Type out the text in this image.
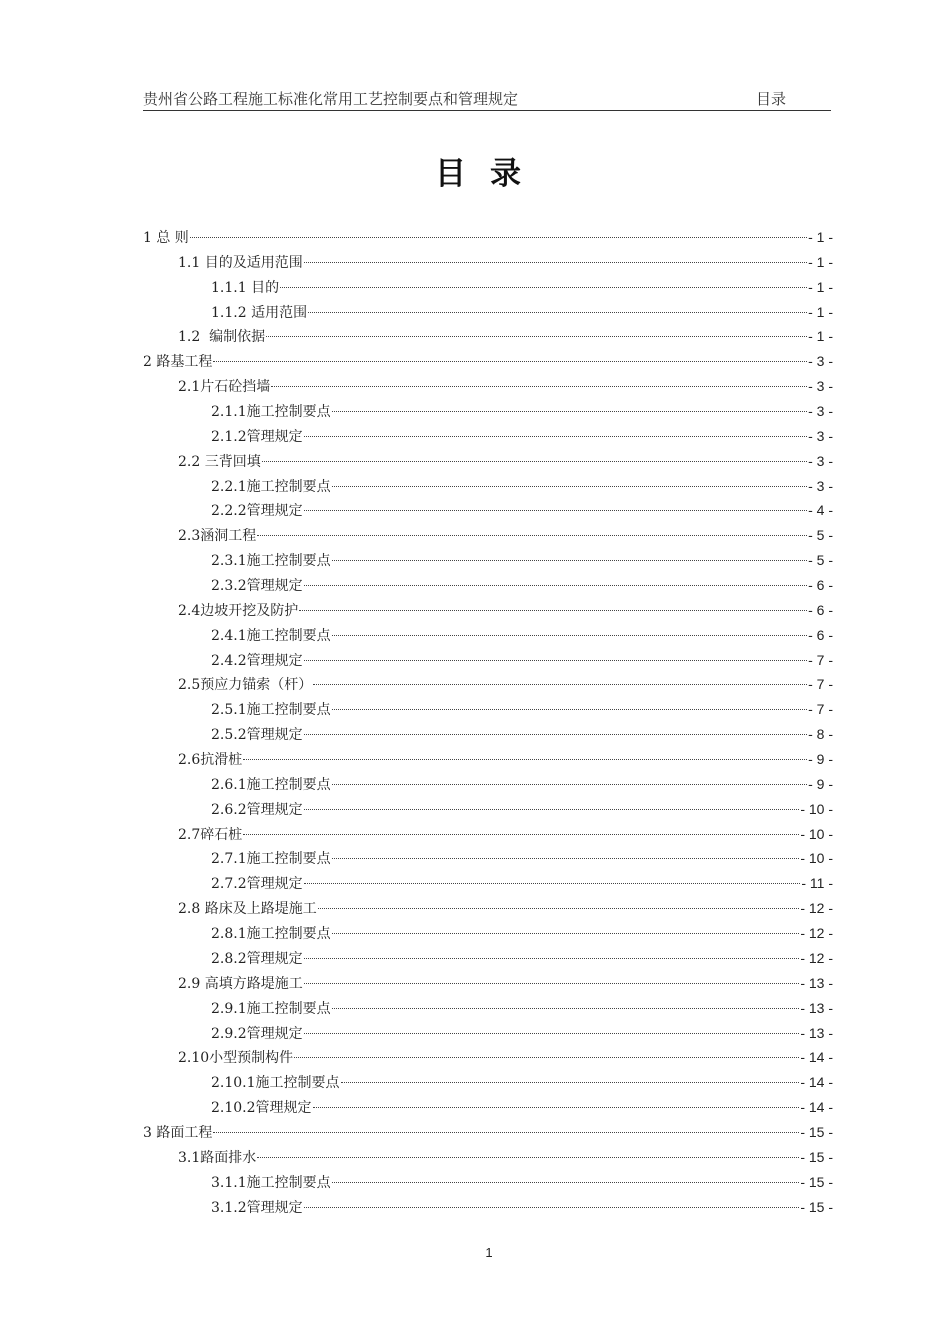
贵州省公路工程施工标准化常用工艺控制要点和管理规定	目录
目录
1 总 则	- 1 -
1.1 目的及适用范围	- 1 -
1.1.1 目的	- 1 -
1.1.2 适用范围	- 1 -
1.2  编制依据	- 1 -
2 路基工程	- 3 -
2.1片石砼挡墙	- 3 -
2.1.1施工控制要点	- 3 -
2.1.2管理规定	- 3 -
2.2 三背回填	- 3 -
2.2.1施工控制要点	- 3 -
2.2.2管理规定	- 4 -
2.3涵洞工程	- 5 -
2.3.1施工控制要点	- 5 -
2.3.2管理规定	- 6 -
2.4边坡开挖及防护	- 6 -
2.4.1施工控制要点	- 6 -
2.4.2管理规定	- 7 -
2.5预应力锚索（杆）	- 7 -
2.5.1施工控制要点	- 7 -
2.5.2管理规定	- 8 -
2.6抗滑桩	- 9 -
2.6.1施工控制要点	- 9 -
2.6.2管理规定	- 10 -
2.7碎石桩	- 10 -
2.7.1施工控制要点	- 10 -
2.7.2管理规定	- 11 -
2.8 路床及上路堤施工	- 12 -
2.8.1施工控制要点	- 12 -
2.8.2管理规定	- 12 -
2.9 高填方路堤施工	- 13 -
2.9.1施工控制要点	- 13 -
2.9.2管理规定	- 13 -
2.10小型预制构件	- 14 -
2.10.1施工控制要点	- 14 -
2.10.2管理规定	- 14 -
3 路面工程	- 15 -
3.1路面排水	- 15 -
3.1.1施工控制要点	- 15 -
3.1.2管理规定	- 15 -
1
